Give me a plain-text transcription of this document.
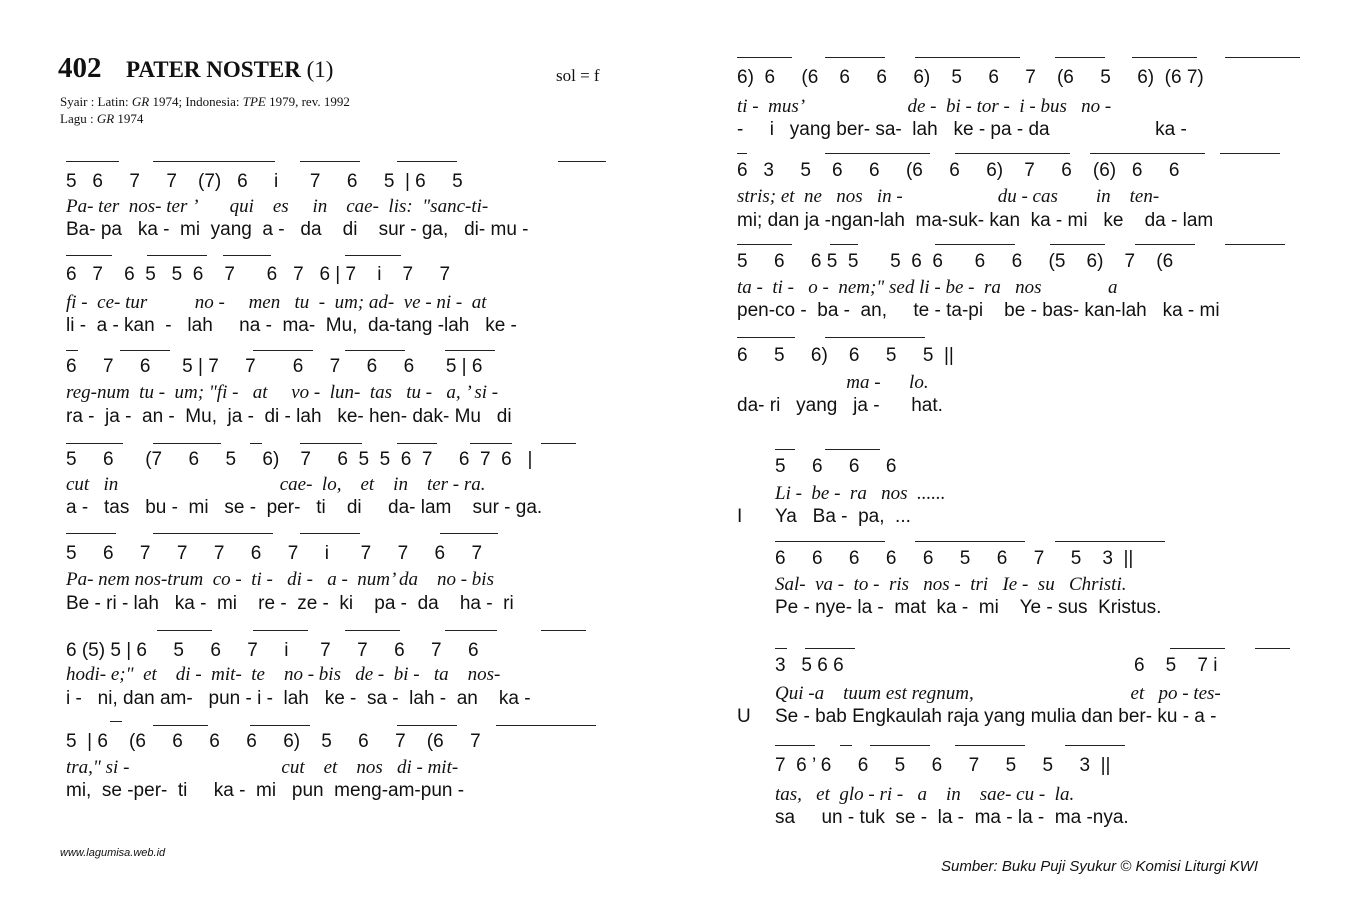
402 PATER NOSTER (1)	sol = f
Syair : Latin: GR 1974; Indonesia: TPE 1979, rev. 1992
Lagu : GR 1974
5   6     7     7    (7)   6     i      7     6     5  | 6     5
Pa- ter  nos- ter ’       qui    es     in    cae-  lis:  "sanc-ti-
Ba- pa   ka -  mi  yang  a -   da    di    sur - ga,   di- mu -
6   7    6  5   5  6    7      6   7   6 | 7    i    7     7
fi -  ce- tur          no -     men   tu  -  um; ad-  ve - ni -  at
li -  a - kan  -   lah     na -  ma-  Mu,  da-tang -lah   ke -
6     7     6      5 | 7     7       6     7     6     6      5 | 6
reg-num  tu -  um; "fi -   at     vo -  lun-  tas   tu -   a, ’ si -
ra -  ja -  an -  Mu,  ja -  di - lah   ke- hen- dak- Mu   di
5     6      (7     6     5     6)    7     6  5  5  6  7     6  7  6   |
cut   in                                  cae-  lo,    et    in    ter - ra.
a -   tas   bu -  mi   se -  per-   ti    di     da- lam    sur - ga.
5     6     7     7     7     6     7     i      7     7     6     7
Pa- nem nos-trum  co -  ti -   di -   a -  num’ da    no - bis
Be - ri - lah   ka -  mi    re -  ze -  ki    pa -  da    ha -  ri
6 (5) 5 | 6     5     6     7     i      7     7     6     7     6
hodi- e;"  et    di -  mit-  te    no - bis   de -  bi -   ta    nos-
i -   ni, dan am-   pun - i -  lah   ke -  sa -  lah -  an    ka -
5  | 6    (6     6     6     6     6)    5     6     7    (6     7
tra," si -                                cut    et    nos   di - mit-
mi,  se -per-  ti     ka -  mi   pun  meng-am-pun -
6)  6     (6    6     6     6)    5     6     7    (6     5     6)  (6 7)
ti -  mus’                      de -  bi - tor -  i - bus   no -
-     i   yang ber- sa-  lah   ke - pa - da                    ka -
6   3     5    6     6     (6     6     6)    7     6    (6)   6     6
stris; et  ne   nos   in -                    du - cas        in    ten-
mi; dan ja -ngan-lah  ma-suk- kan  ka - mi   ke    da - lam
5     6     6 5  5      5  6  6      6     6     (5    6)    7    (6
ta -  ti -   o -  nem;" sed li - be -  ra   nos              a
pen-co -  ba -  an,     te - ta-pi    be - bas- kan-lah   ka - mi
6     5     6)    6     5     5  ||
ma -      lo.
da- ri   yang   ja -      hat.
5     6     6     6
Li -  be -  ra   nos  ......
I Ya   Ba -  pa,  ...
6     6     6     6     6     5     6     7     5    3  ||
Sal-  va -  to -  ris   nos -  tri   Ie -  su   Christi.
Pe - nye- la -  mat  ka -  mi    Ye - sus  Kristus.
3   5 6 6                                                       6    5    7 i
Qui -a    tuum est regnum,                                 et   po - tes-
U Se - bab Engkaulah raja yang mulia dan ber- ku - a -
7  6 ’ 6     6     5     6     7     5     5     3  ||
tas,   et  glo - ri -   a    in    sae- cu -  la.
sa     un - tuk  se -  la -  ma - la -  ma -nya.
www.lagumisa.web.id
Sumber: Buku Puji Syukur © Komisi Liturgi KWI
